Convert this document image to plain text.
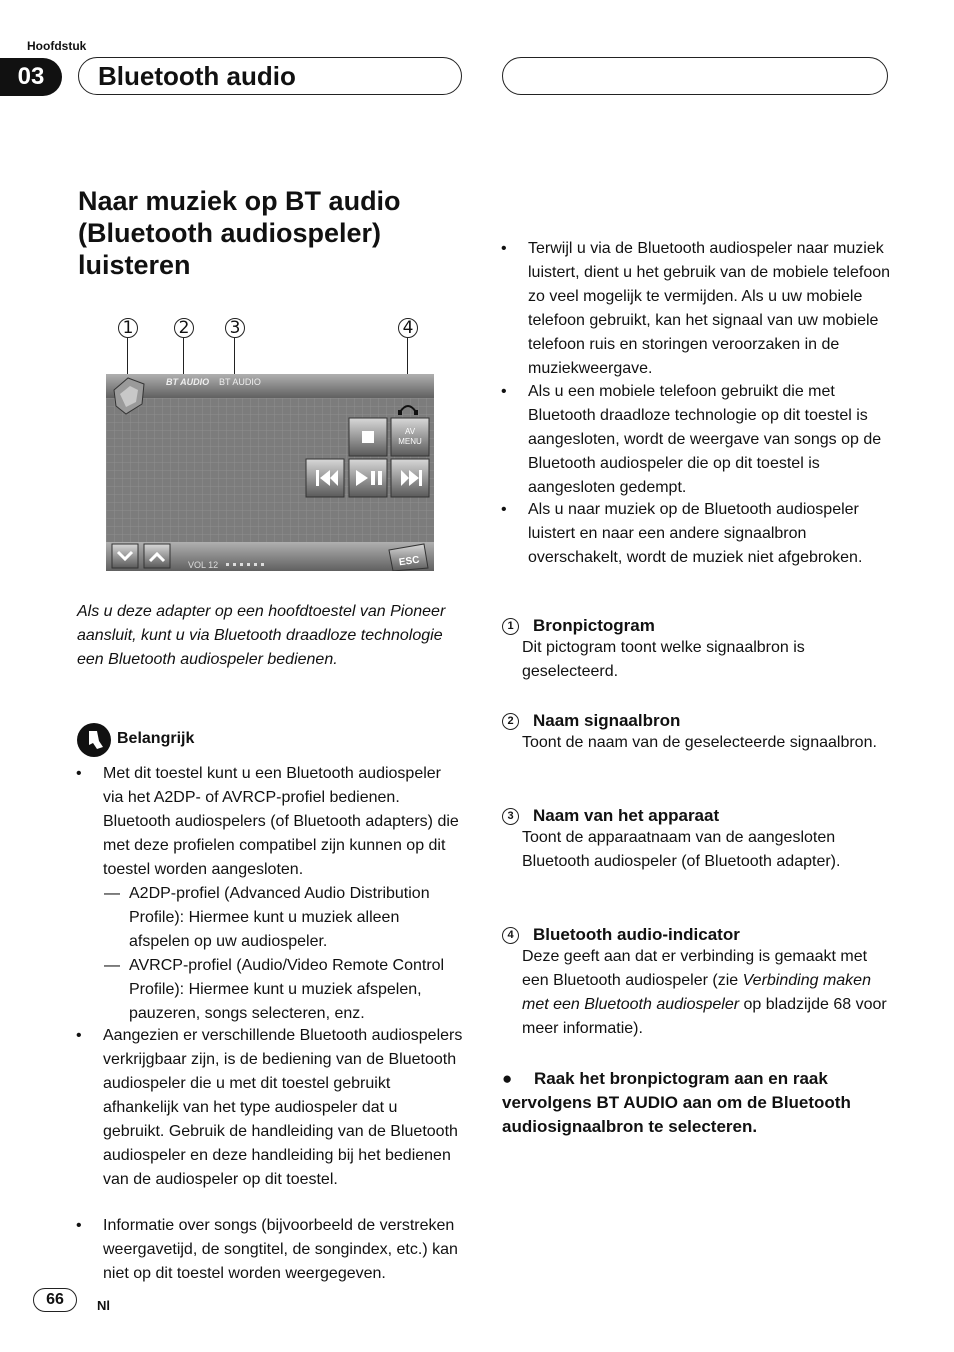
Hoofdstuk
03	Bluetooth audio
Naar muziek op BT audio (Bluetooth audiospeler) luisteren
1	2 3	4
BT AUDIO BT AUDIO
AV
MENU
VOL 12	ESC
Als u deze adapter op een hoofdtoestel van Pioneer aansluit, kunt u via Bluetooth draadloze technologie een Bluetooth audiospeler bedienen.
Belangrijk
• Met dit toestel kunt u een Bluetooth audiospeler via het A2DP- of AVRCP-profiel bedienen. Bluetooth audiospelers (of Bluetooth adapters) die met deze profielen compatibel zijn kunnen op dit toestel worden aangesloten.
— A2DP-profiel (Advanced Audio Distribution Profile): Hiermee kunt u muziek alleen afspelen op uw audiospeler.
— AVRCP-profiel (Audio/Video Remote Control Profile): Hiermee kunt u muziek afspelen, pauzeren, songs selecteren, enz.
• Aangezien er verschillende Bluetooth audiospelers verkrijgbaar zijn, is de bediening van de Bluetooth audiospeler die u met dit toestel gebruikt afhankelijk van het type audiospeler dat u gebruikt. Gebruik de handleiding van de Bluetooth audiospeler en deze handleiding bij het bedienen van de audiospeler op dit toestel.
• Informatie over songs (bijvoorbeeld de verstreken weergavetijd, de songtitel, de songindex, etc.) kan niet op dit toestel worden weergegeven.
• Terwijl u via de Bluetooth audiospeler naar muziek luistert, dient u het gebruik van de mobiele telefoon zo veel mogelijk te vermijden. Als u uw mobiele telefoon gebruikt, kan het signaal van uw mobiele telefoon ruis en storingen veroorzaken in de muziekweergave.
• Als u een mobiele telefoon gebruikt die met Bluetooth draadloze technologie op dit toestel is aangesloten, wordt de weergave van songs op de Bluetooth audiospeler die op dit toestel is aangesloten gedempt.
• Als u naar muziek op de Bluetooth audiospeler luistert en naar een andere signaalbron overschakelt, wordt de muziek niet afgebroken.
1 Bronpictogram
Dit pictogram toont welke signaalbron is geselecteerd.
2 Naam signaalbron
Toont de naam van de geselecteerde signaalbron.
3 Naam van het apparaat
Toont de apparaatnaam van de aangesloten Bluetooth audiospeler (of Bluetooth adapter).
4 Bluetooth audio-indicator
Deze geeft aan dat er verbinding is gemaakt met een Bluetooth audiospeler (zie Verbinding maken met een Bluetooth audiospeler op bladzijde 68 voor meer informatie).
● Raak het bronpictogram aan en raak vervolgens BT AUDIO aan om de Bluetooth audiosignaalbron te selecteren.
66	Nl
